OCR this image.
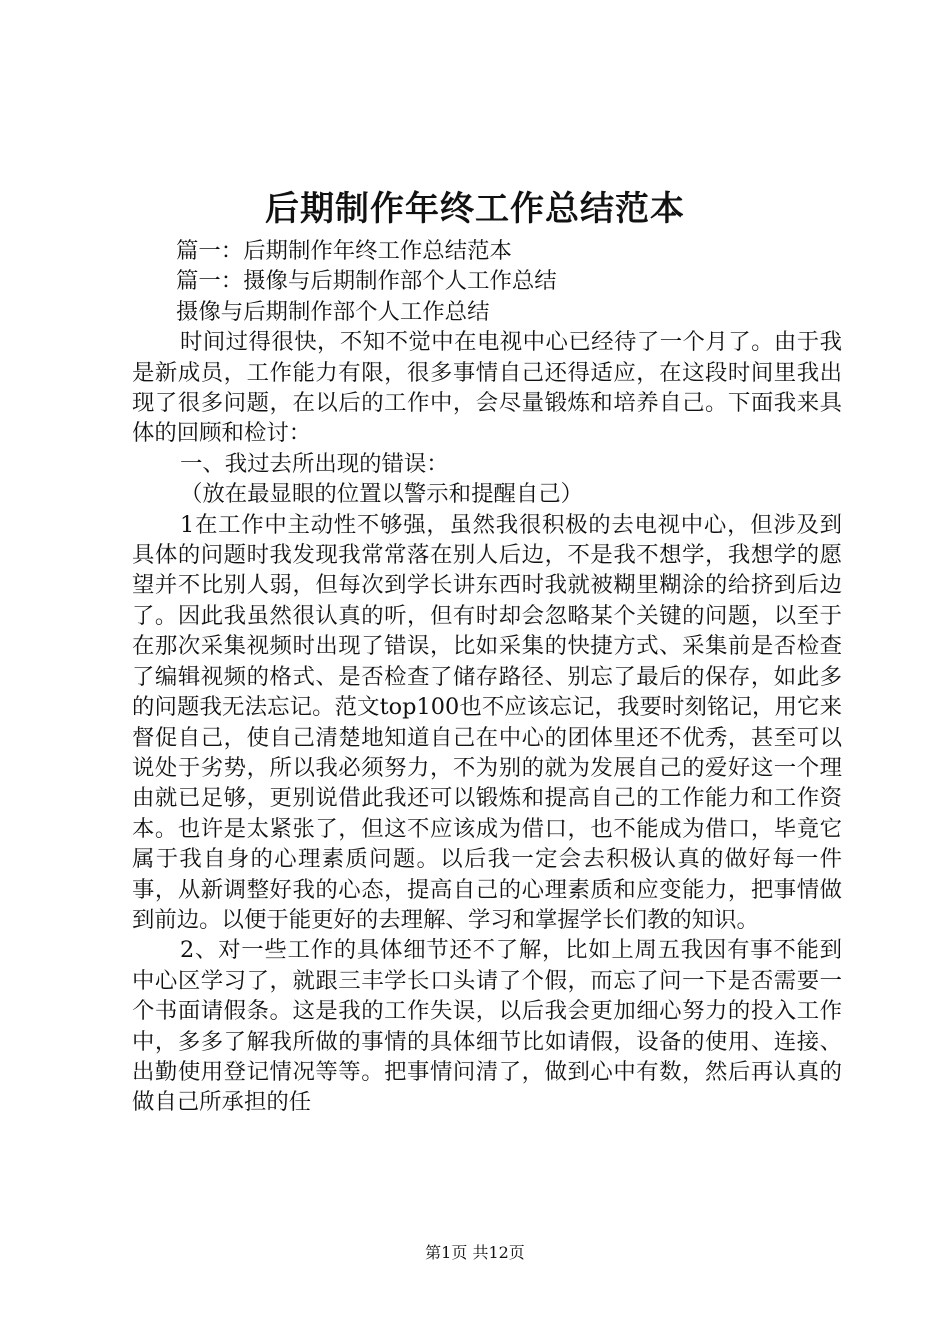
后期制作年终工作总结范本

篇一：后期制作年终工作总结范本

篇一：摄像与后期制作部个人工作总结

摄像与后期制作部个人工作总结

时间过得很快，不知不觉中在电视中心已经待了一个月了。由于我是新成员，工作能力有限，很多事情自己还得适应，在这段时间里我出现了很多问题，在以后的工作中，会尽量锻炼和培养自己。下面我来具体的回顾和检讨：

一、我过去所出现的错误：

（放在最显眼的位置以警示和提醒自己）

1在工作中主动性不够强，虽然我很积极的去电视中心，但涉及到具体的问题时我发现我常常落在别人后边，不是我不想学，我想学的愿望并不比别人弱，但每次到学长讲东西时我就被糊里糊涂的给挤到后边了。因此我虽然很认真的听，但有时却会忽略某个关键的问题，以至于在那次采集视频时出现了错误，比如采集的快捷方式、采集前是否检查了编辑视频的格式、是否检查了储存路径、别忘了最后的保存，如此多的问题我无法忘记。范文top100也不应该忘记，我要时刻铭记，用它来督促自己，使自己清楚地知道自己在中心的团体里还不优秀，甚至可以说处于劣势，所以我必须努力，不为别的就为发展自己的爱好这一个理由就已足够，更别说借此我还可以锻炼和提高自己的工作能力和工作资本。也许是太紧张了，但这不应该成为借口，也不能成为借口，毕竟它属于我自身的心理素质问题。以后我一定会去积极认真的做好每一件事，从新调整好我的心态，提高自己的心理素质和应变能力，把事情做到前边。以便于能更好的去理解、学习和掌握学长们教的知识。

2、对一些工作的具体细节还不了解，比如上周五我因有事不能到中心区学习了，就跟三丰学长口头请了个假，而忘了问一下是否需要一个书面请假条。这是我的工作失误，以后我会更加细心努力的投入工作中，多多了解我所做的事情的具体细节比如请假，设备的使用、连接、出勤使用登记情况等等。把事情问清了，做到心中有数，然后再认真的做自己所承担的任

第1页 共12页
